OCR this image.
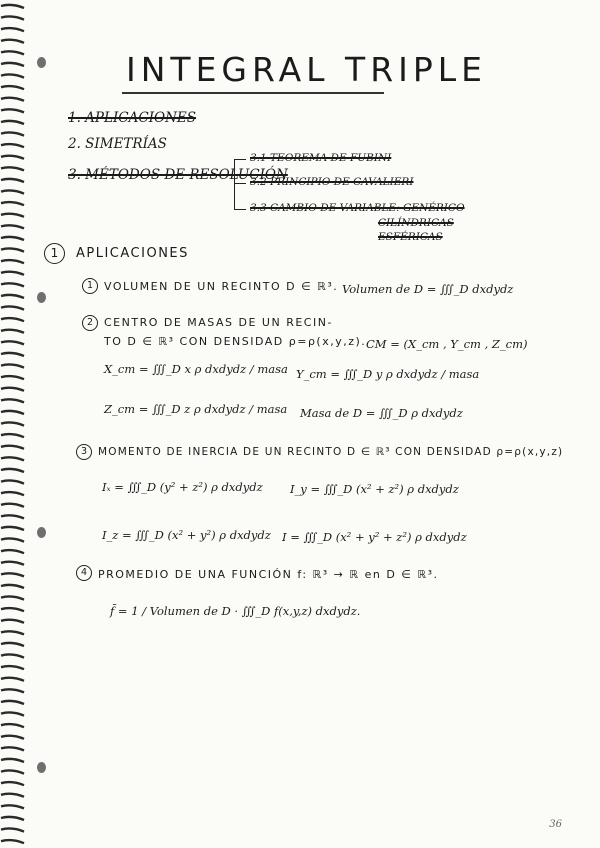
INTEGRAL TRIPLE
1. APLICACIONES
2. SIMETRÍAS
3. MÉTODOS DE RESOLUCIÓN
3.1 TEOREMA DE FUBINI
3.2 PRINCIPIO DE CAVALIERI
3.3 CAMBIO DE VARIABLE: GENÉRICO
CILÍNDRICAS
ESFÉRICAS
1	APLICACIONES
1 VOLUMEN DE UN RECINTO D ∈ ℝ³. Volumen de D = ∭_D dxdydz
2 CENTRO DE MASAS DE UN RECIN-
TO D ∈ ℝ³ CON DENSIDAD ρ=ρ(x,y,z). CM = (X_cm , Y_cm , Z_cm)
X_cm = ∭_D x ρ dxdydz / masa Y_cm = ∭_D y ρ dxdydz / masa
Z_cm = ∭_D z ρ dxdydz / masa Masa de D = ∭_D ρ dxdydz
3	MOMENTO DE INERCIA DE UN RECINTO D ∈ ℝ³ CON DENSIDAD ρ=ρ(x,y,z)
Iₓ = ∭_D (y² + z²) ρ dxdydz I_y = ∭_D (x² + z²) ρ dxdydz
I_z = ∭_D (x² + y²) ρ dxdydz I = ∭_D (x² + y² + z²) ρ dxdydz
4 PROMEDIO DE UNA FUNCIÓN f: ℝ³ → ℝ en D ∈ ℝ³.
f̄ = 1 / Volumen de D · ∭_D f(x,y,z) dxdydz.
36
